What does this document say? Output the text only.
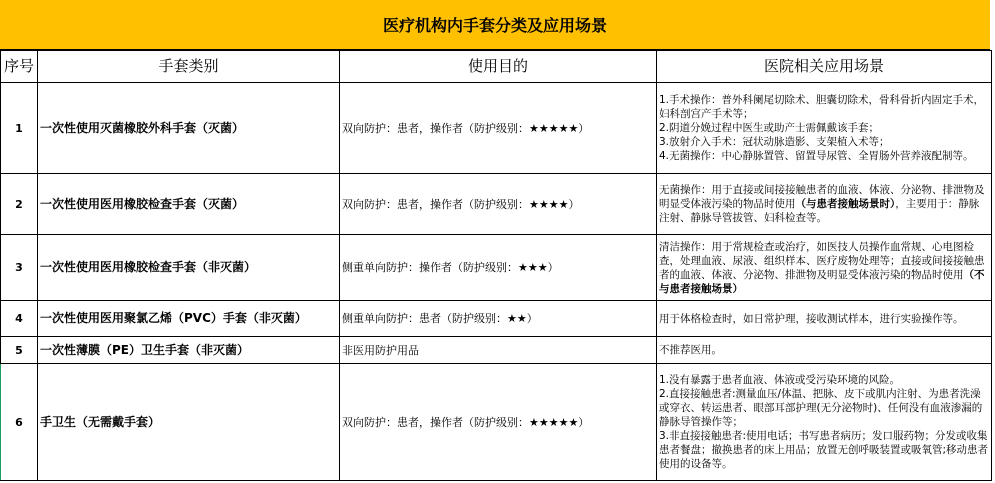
医疗机构内手套分类及应用场景
序号	手套类别	使用目的	医院相关应用场景
1	一次性使用灭菌橡胶外科手套（灭菌）	双向防护：患者，操作者（防护级别：★★★★★）	1.手术操作：普外科阑尾切除术、胆囊切除术，骨科骨折内固定手术，妇科剖宫产手术等；
2.阴道分娩过程中医生或助产士需佩戴该手套；
3.放射介入手术：冠状动脉造影、支架植入术等；
4.无菌操作：中心静脉置管、留置导尿管、全胃肠外营养液配制等。

2	一次性使用医用橡胶检查手套（灭菌）	双向防护：患者，操作者（防护级别：★★★★）	无菌操作：用于直接或间接接触患者的血液、体液、分泌物、排泄物及明显受体液污染的物品时使用（与患者接触场景时），主要用于：静脉注射、静脉导管拔管、妇科检查等。
3	一次性使用医用橡胶检查手套（非灭菌）	侧重单向防护：操作者（防护级别：★★★）	清洁操作：用于常规检查或治疗，如医技人员操作血常规、心电图检查，处理血液、尿液、组织样本、医疗废物处理等；直接或间接接触患者的血液、体液、分泌物、排泄物及明显受体液污染的物品时使用（不与患者接触场景）
4	一次性使用医用聚氯乙烯（PVC）手套（非灭菌）	侧重单向防护：患者（防护级别：★★）	用于体格检查时，如日常护理，接收测试样本，进行实验操作等。
5	一次性薄膜（PE）卫生手套（非灭菌）	非医用防护用品	不推荐医用。
6	手卫生（无需戴手套）	双向防护：患者，操作者（防护级别：★★★★★）	1.没有暴露于患者血液、体液或受污染环境的风险。
2.直接接触患者:测量血压/体温、把脉、皮下或肌内注射、为患者洗澡或穿衣、转运患者、眼部耳部护理(无分泌物时)、任何没有血液渗漏的静脉导管操作等；
3.非直接接触患者:使用电话；书写患者病历；发口服药物；分发或收集患者餐盘；撤换患者的床上用品；放置无创呼吸装置或吸氧管;移动患者使用的设备等。
